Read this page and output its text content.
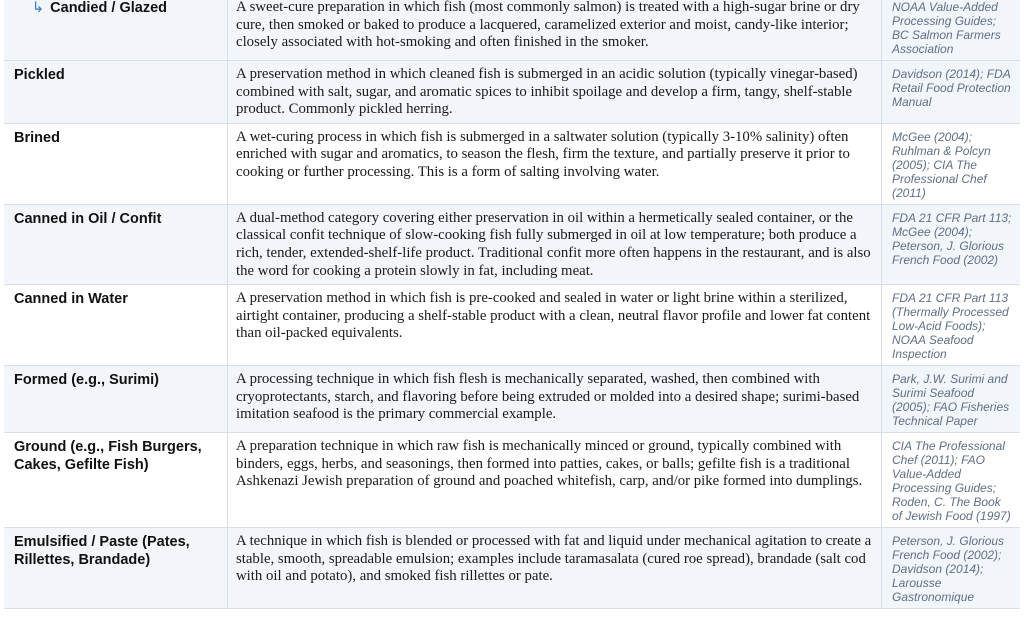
↳ Candied / Glazed	A sweet-cure preparation in which fish (most commonly salmon) is treated with a high-sugar brine or dry cure, then smoked or baked to produce a lacquered, caramelized exterior and moist, candy-like interior; closely associated with hot-smoking and often finished in the smoker.	NOAA Value-Added Processing Guides; BC Salmon Farmers Association
Pickled	A preservation method in which cleaned fish is submerged in an acidic solution (typically vinegar-based) combined with salt, sugar, and aromatic spices to inhibit spoilage and develop a firm, tangy, shelf-stable product. Commonly pickled herring.	Davidson (2014); FDA Retail Food Protection Manual
Brined	A wet-curing process in which fish is submerged in a saltwater solution (typically 3-10% salinity) often enriched with sugar and aromatics, to season the flesh, firm the texture, and partially preserve it prior to cooking or further processing. This is a form of salting involving water.	McGee (2004); Ruhlman & Polcyn (2005); CIA The Professional Chef (2011)
Canned in Oil / Confit	A dual-method category covering either preservation in oil within a hermetically sealed container, or the classical confit technique of slow-cooking fish fully submerged in oil at low temperature; both produce a rich, tender, extended-shelf-life product. Traditional confit more often happens in the restaurant, and is also the word for cooking a protein slowly in fat, including meat.	FDA 21 CFR Part 113; McGee (2004); Peterson, J. Glorious French Food (2002)
Canned in Water	A preservation method in which fish is pre-cooked and sealed in water or light brine within a sterilized, airtight container, producing a shelf-stable product with a clean, neutral flavor profile and lower fat content than oil-packed equivalents.	FDA 21 CFR Part 113 (Thermally Processed Low-Acid Foods); NOAA Seafood Inspection
Formed (e.g., Surimi)	A processing technique in which fish flesh is mechanically separated, washed, then combined with cryoprotectants, starch, and flavoring before being extruded or molded into a desired shape; surimi-based imitation seafood is the primary commercial example.	Park, J.W. Surimi and Surimi Seafood (2005); FAO Fisheries Technical Paper
Ground (e.g., Fish Burgers, Cakes, Gefilte Fish)	A preparation technique in which raw fish is mechanically minced or ground, typically combined with binders, eggs, herbs, and seasonings, then formed into patties, cakes, or balls; gefilte fish is a traditional Ashkenazi Jewish preparation of ground and poached whitefish, carp, and/or pike formed into dumplings.	CIA The Professional Chef (2011); FAO Value-Added Processing Guides; Roden, C. The Book of Jewish Food (1997)
Emulsified / Paste (Pates, Rillettes, Brandade)	A technique in which fish is blended or processed with fat and liquid under mechanical agitation to create a stable, smooth, spreadable emulsion; examples include taramasalata (cured roe spread), brandade (salt cod with oil and potato), and smoked fish rillettes or pate.	Peterson, J. Glorious French Food (2002); Davidson (2014); Larousse Gastronomique
